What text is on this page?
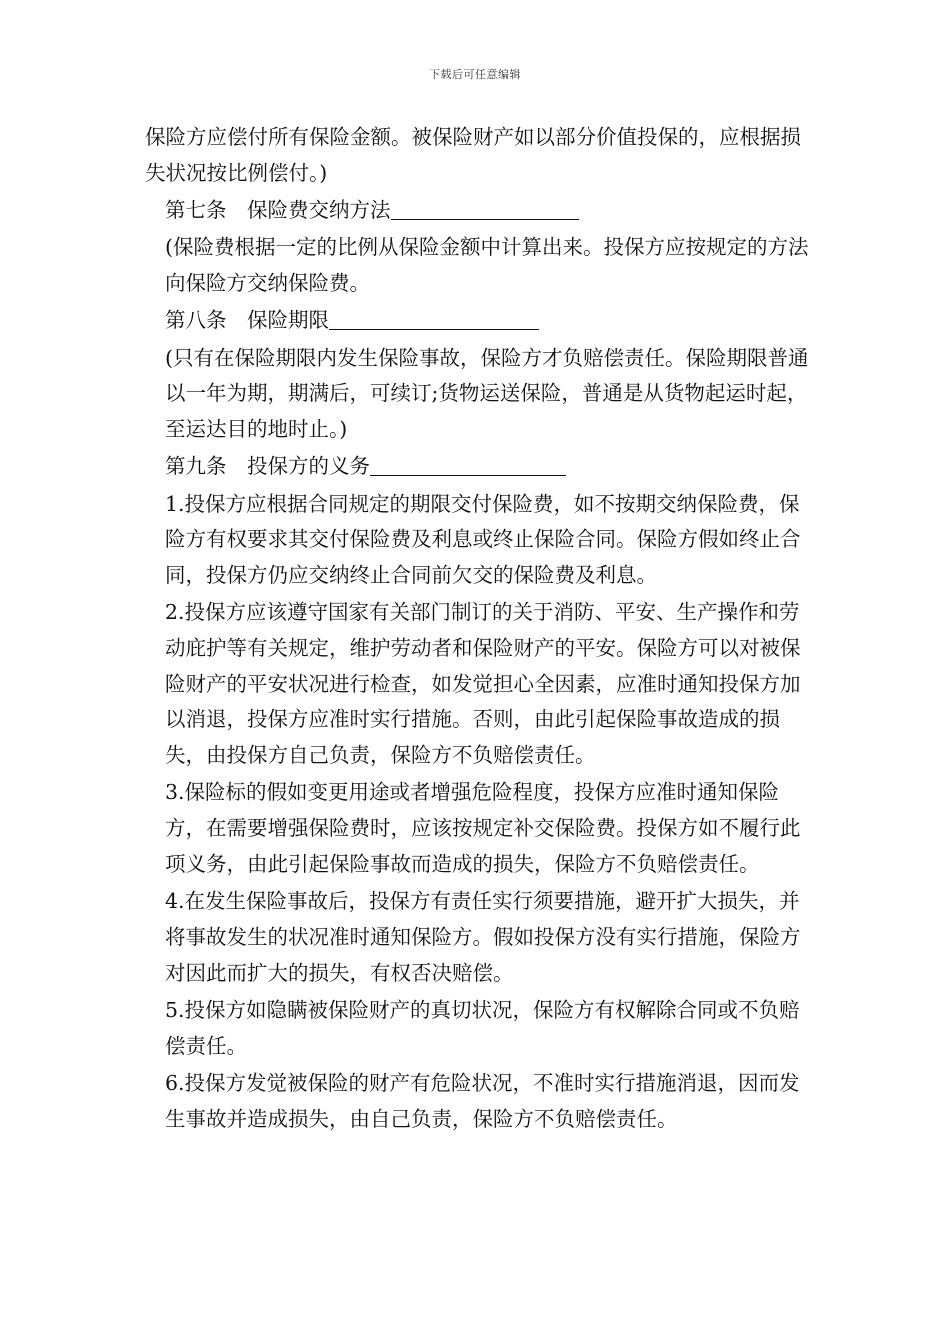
下载后可任意编辑

保险方应偿付所有保险金额。被保险财产如以部分价值投保的，应根据损失状况按比例偿付。)

第七条　保险费交纳方法

(保险费根据一定的比例从保险金额中计算出来。投保方应按规定的方法向保险方交纳保险费。

第八条　保险期限

(只有在保险期限内发生保险事故，保险方才负赔偿责任。保险期限普通以一年为期，期满后，可续订;货物运送保险，普通是从货物起运时起，至运达目的地时止。)

第九条　投保方的义务

1.投保方应根据合同规定的期限交付保险费，如不按期交纳保险费，保险方有权要求其交付保险费及利息或终止保险合同。保险方假如终止合同，投保方仍应交纳终止合同前欠交的保险费及利息。

2.投保方应该遵守国家有关部门制订的关于消防、平安、生产操作和劳动庇护等有关规定，维护劳动者和保险财产的平安。保险方可以对被保险财产的平安状况进行检查，如发觉担心全因素，应准时通知投保方加以消退，投保方应准时实行措施。否则，由此引起保险事故造成的损失，由投保方自己负责，保险方不负赔偿责任。

3.保险标的假如变更用途或者增强危险程度，投保方应准时通知保险方，在需要增强保险费时，应该按规定补交保险费。投保方如不履行此项义务，由此引起保险事故而造成的损失，保险方不负赔偿责任。

4.在发生保险事故后，投保方有责任实行须要措施，避开扩大损失，并将事故发生的状况准时通知保险方。假如投保方没有实行措施，保险方对因此而扩大的损失，有权否决赔偿。

5.投保方如隐瞒被保险财产的真切状况，保险方有权解除合同或不负赔偿责任。

6.投保方发觉被保险的财产有危险状况，不准时实行措施消退，因而发生事故并造成损失，由自己负责，保险方不负赔偿责任。
